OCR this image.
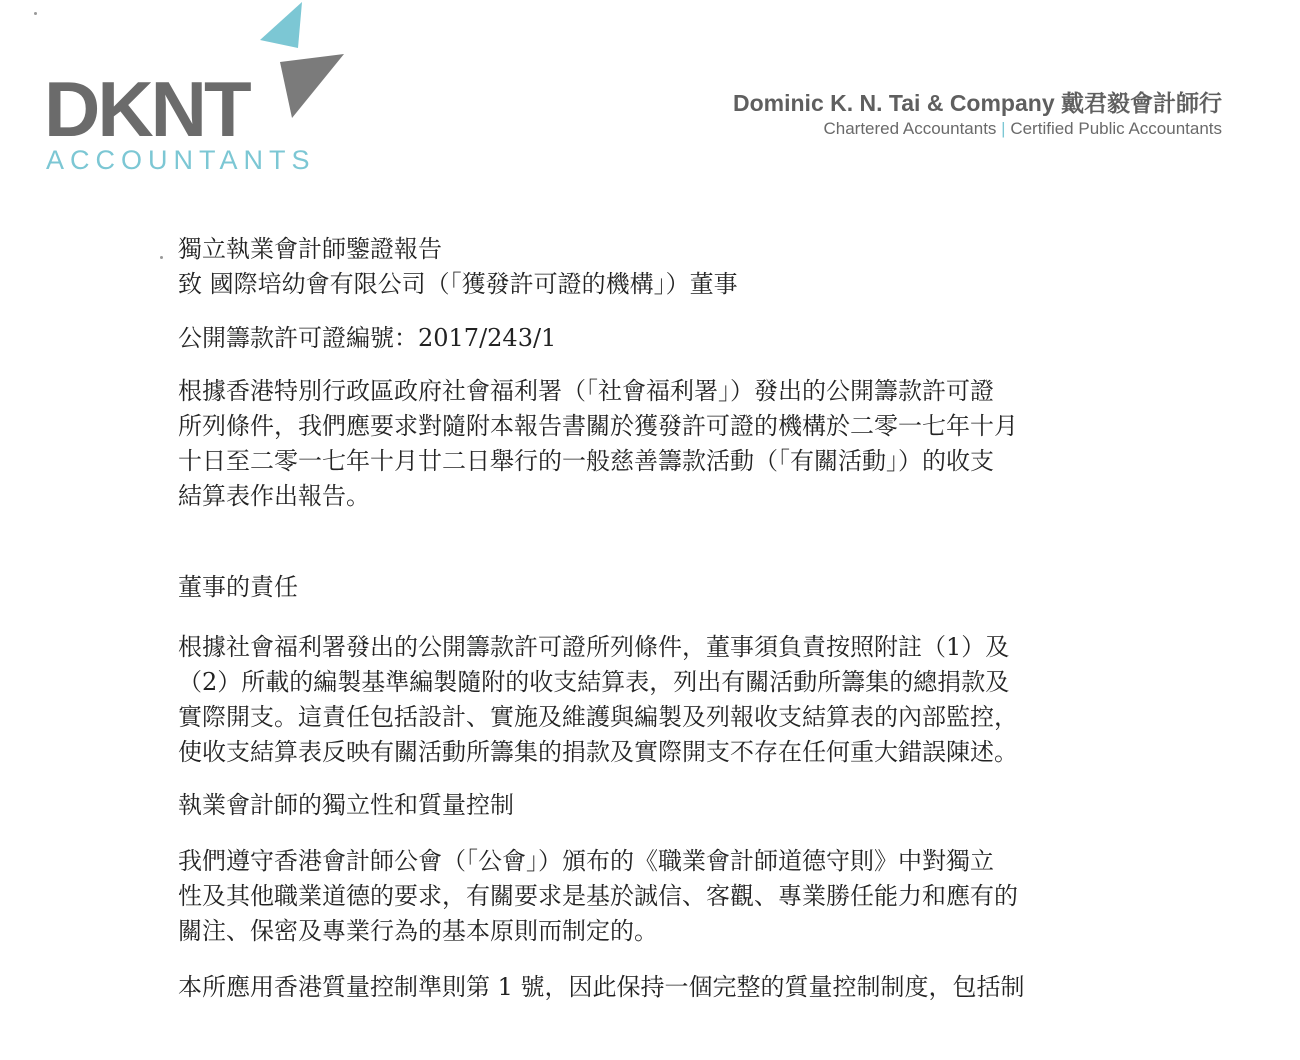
DKNT
ACCOUNTANTS
Dominic K. N. Tai & Company 戴君毅會計師行
Chartered Accountants | Certified Public Accountants
獨立執業會計師鑒證報告
致 國際培幼會有限公司（「獲發許可證的機構」）董事
公開籌款許可證編號：2017/243/1
根據香港特別行政區政府社會福利署（「社會福利署」）發出的公開籌款許可證
所列條件，我們應要求對隨附本報告書關於獲發許可證的機構於二零一七年十月
十日至二零一七年十月廿二日舉行的一般慈善籌款活動（「有關活動」）的收支
結算表作出報告。
董事的責任
根據社會福利署發出的公開籌款許可證所列條件，董事須負責按照附註（1）及
（2）所載的編製基準編製隨附的收支結算表，列出有關活動所籌集的總捐款及
實際開支。這責任包括設計、實施及維護與編製及列報收支結算表的內部監控，
使收支結算表反映有關活動所籌集的捐款及實際開支不存在任何重大錯誤陳述。
執業會計師的獨立性和質量控制
我們遵守香港會計師公會（「公會」）頒布的《職業會計師道德守則》中對獨立
性及其他職業道德的要求，有關要求是基於誠信、客觀、專業勝任能力和應有的
關注、保密及專業行為的基本原則而制定的。
本所應用香港質量控制準則第 1 號，因此保持一個完整的質量控制制度，包括制
